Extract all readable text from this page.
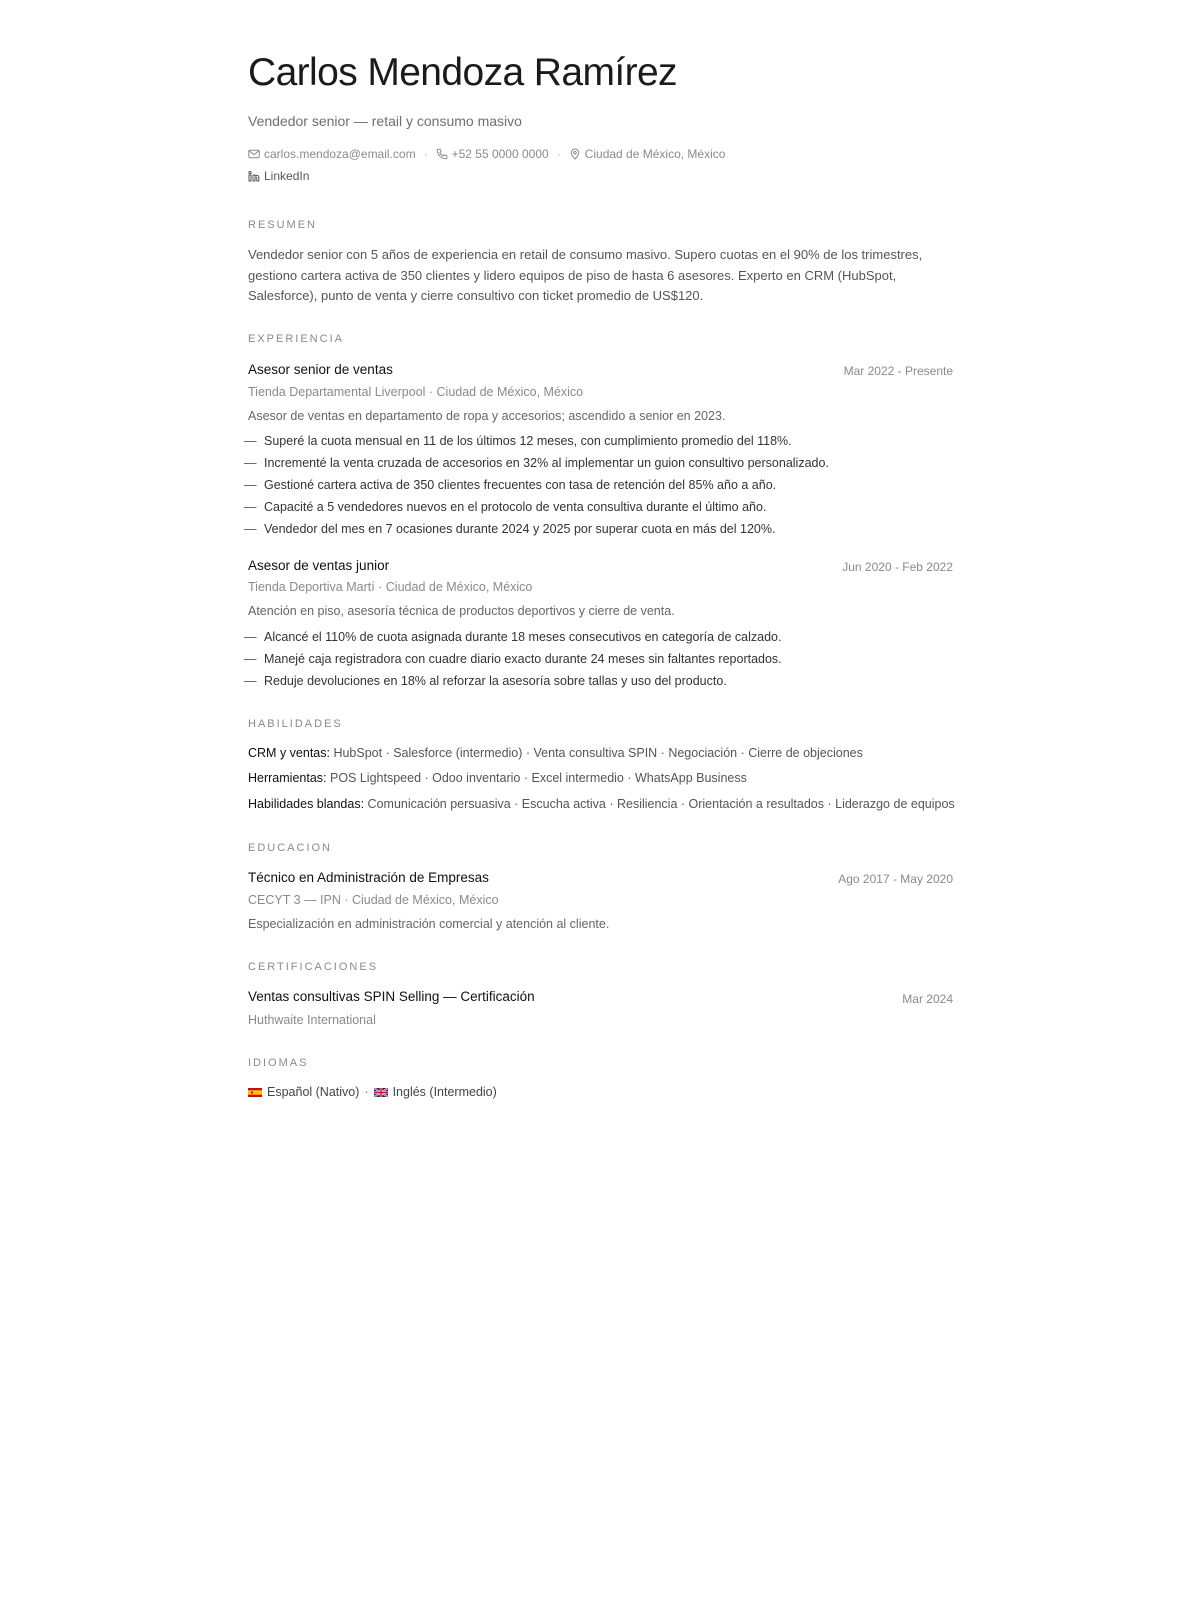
Carlos Mendoza Ramírez
Vendedor senior — retail y consumo masivo
carlos.mendoza@email.com · +52 55 0000 0000 · Ciudad de México, México
LinkedIn
RESUMEN
Vendedor senior con 5 años de experiencia en retail de consumo masivo. Supero cuotas en el 90% de los trimestres, gestiono cartera activa de 350 clientes y lidero equipos de piso de hasta 6 asesores. Experto en CRM (HubSpot, Salesforce), punto de venta y cierre consultivo con ticket promedio de US$120.
EXPERIENCIA
Asesor senior de ventas	Mar 2022 - Presente
Tienda Departamental Liverpool · Ciudad de México, México
Asesor de ventas en departamento de ropa y accesorios; ascendido a senior en 2023.
— Superé la cuota mensual en 11 de los últimos 12 meses, con cumplimiento promedio del 118%.
— Incrementé la venta cruzada de accesorios en 32% al implementar un guion consultivo personalizado.
— Gestioné cartera activa de 350 clientes frecuentes con tasa de retención del 85% año a año.
— Capacité a 5 vendedores nuevos en el protocolo de venta consultiva durante el último año.
— Vendedor del mes en 7 ocasiones durante 2024 y 2025 por superar cuota en más del 120%.
Asesor de ventas junior	Jun 2020 - Feb 2022
Tienda Deportiva Martí · Ciudad de México, México
Atención en piso, asesoría técnica de productos deportivos y cierre de venta.
— Alcancé el 110% de cuota asignada durante 18 meses consecutivos en categoría de calzado.
— Manejé caja registradora con cuadre diario exacto durante 24 meses sin faltantes reportados.
— Reduje devoluciones en 18% al reforzar la asesoría sobre tallas y uso del producto.
HABILIDADES
CRM y ventas: HubSpot · Salesforce (intermedio) · Venta consultiva SPIN · Negociación · Cierre de objeciones
Herramientas: POS Lightspeed · Odoo inventario · Excel intermedio · WhatsApp Business
Habilidades blandas: Comunicación persuasiva · Escucha activa · Resiliencia · Orientación a resultados · Liderazgo de equipos
EDUCACION
Técnico en Administración de Empresas	Ago 2017 - May 2020
CECYT 3 — IPN · Ciudad de México, México
Especialización en administración comercial y atención al cliente.
CERTIFICACIONES
Ventas consultivas SPIN Selling — Certificación	Mar 2024
Huthwaite International
IDIOMAS
Español (Nativo) · Inglés (Intermedio)
